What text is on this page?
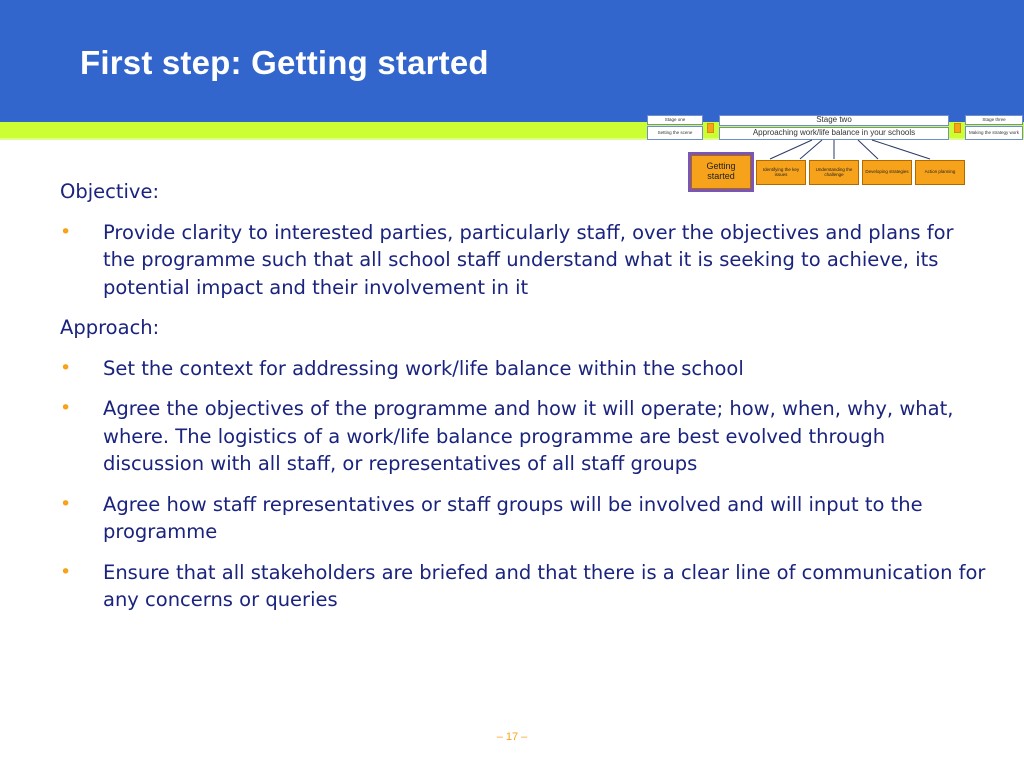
First step: Getting started
Stage one
Setting the scene
Stage two
Approaching work/life balance in your schools
Stage three
Making the strategy work
Getting started
Identifying the key issues
Understanding the challenge	Developing strategies	Action planning

Objective:

• Provide clarity to interested parties, particularly staff, over the objectives and plans for the programme such that all school staff understand what it is seeking to achieve, its potential impact and their involvement in it

Approach:

• Set the context for addressing work/life balance within the school
• Agree the objectives of the programme and how it will operate; how, when, why, what, where. The logistics of a work/life balance programme are best evolved through discussion with all staff, or representatives of all staff groups
• Agree how staff representatives or staff groups will be involved and will input to the programme
• Ensure that all stakeholders are briefed and that there is a clear line of communication for any concerns or queries
– 17 –
